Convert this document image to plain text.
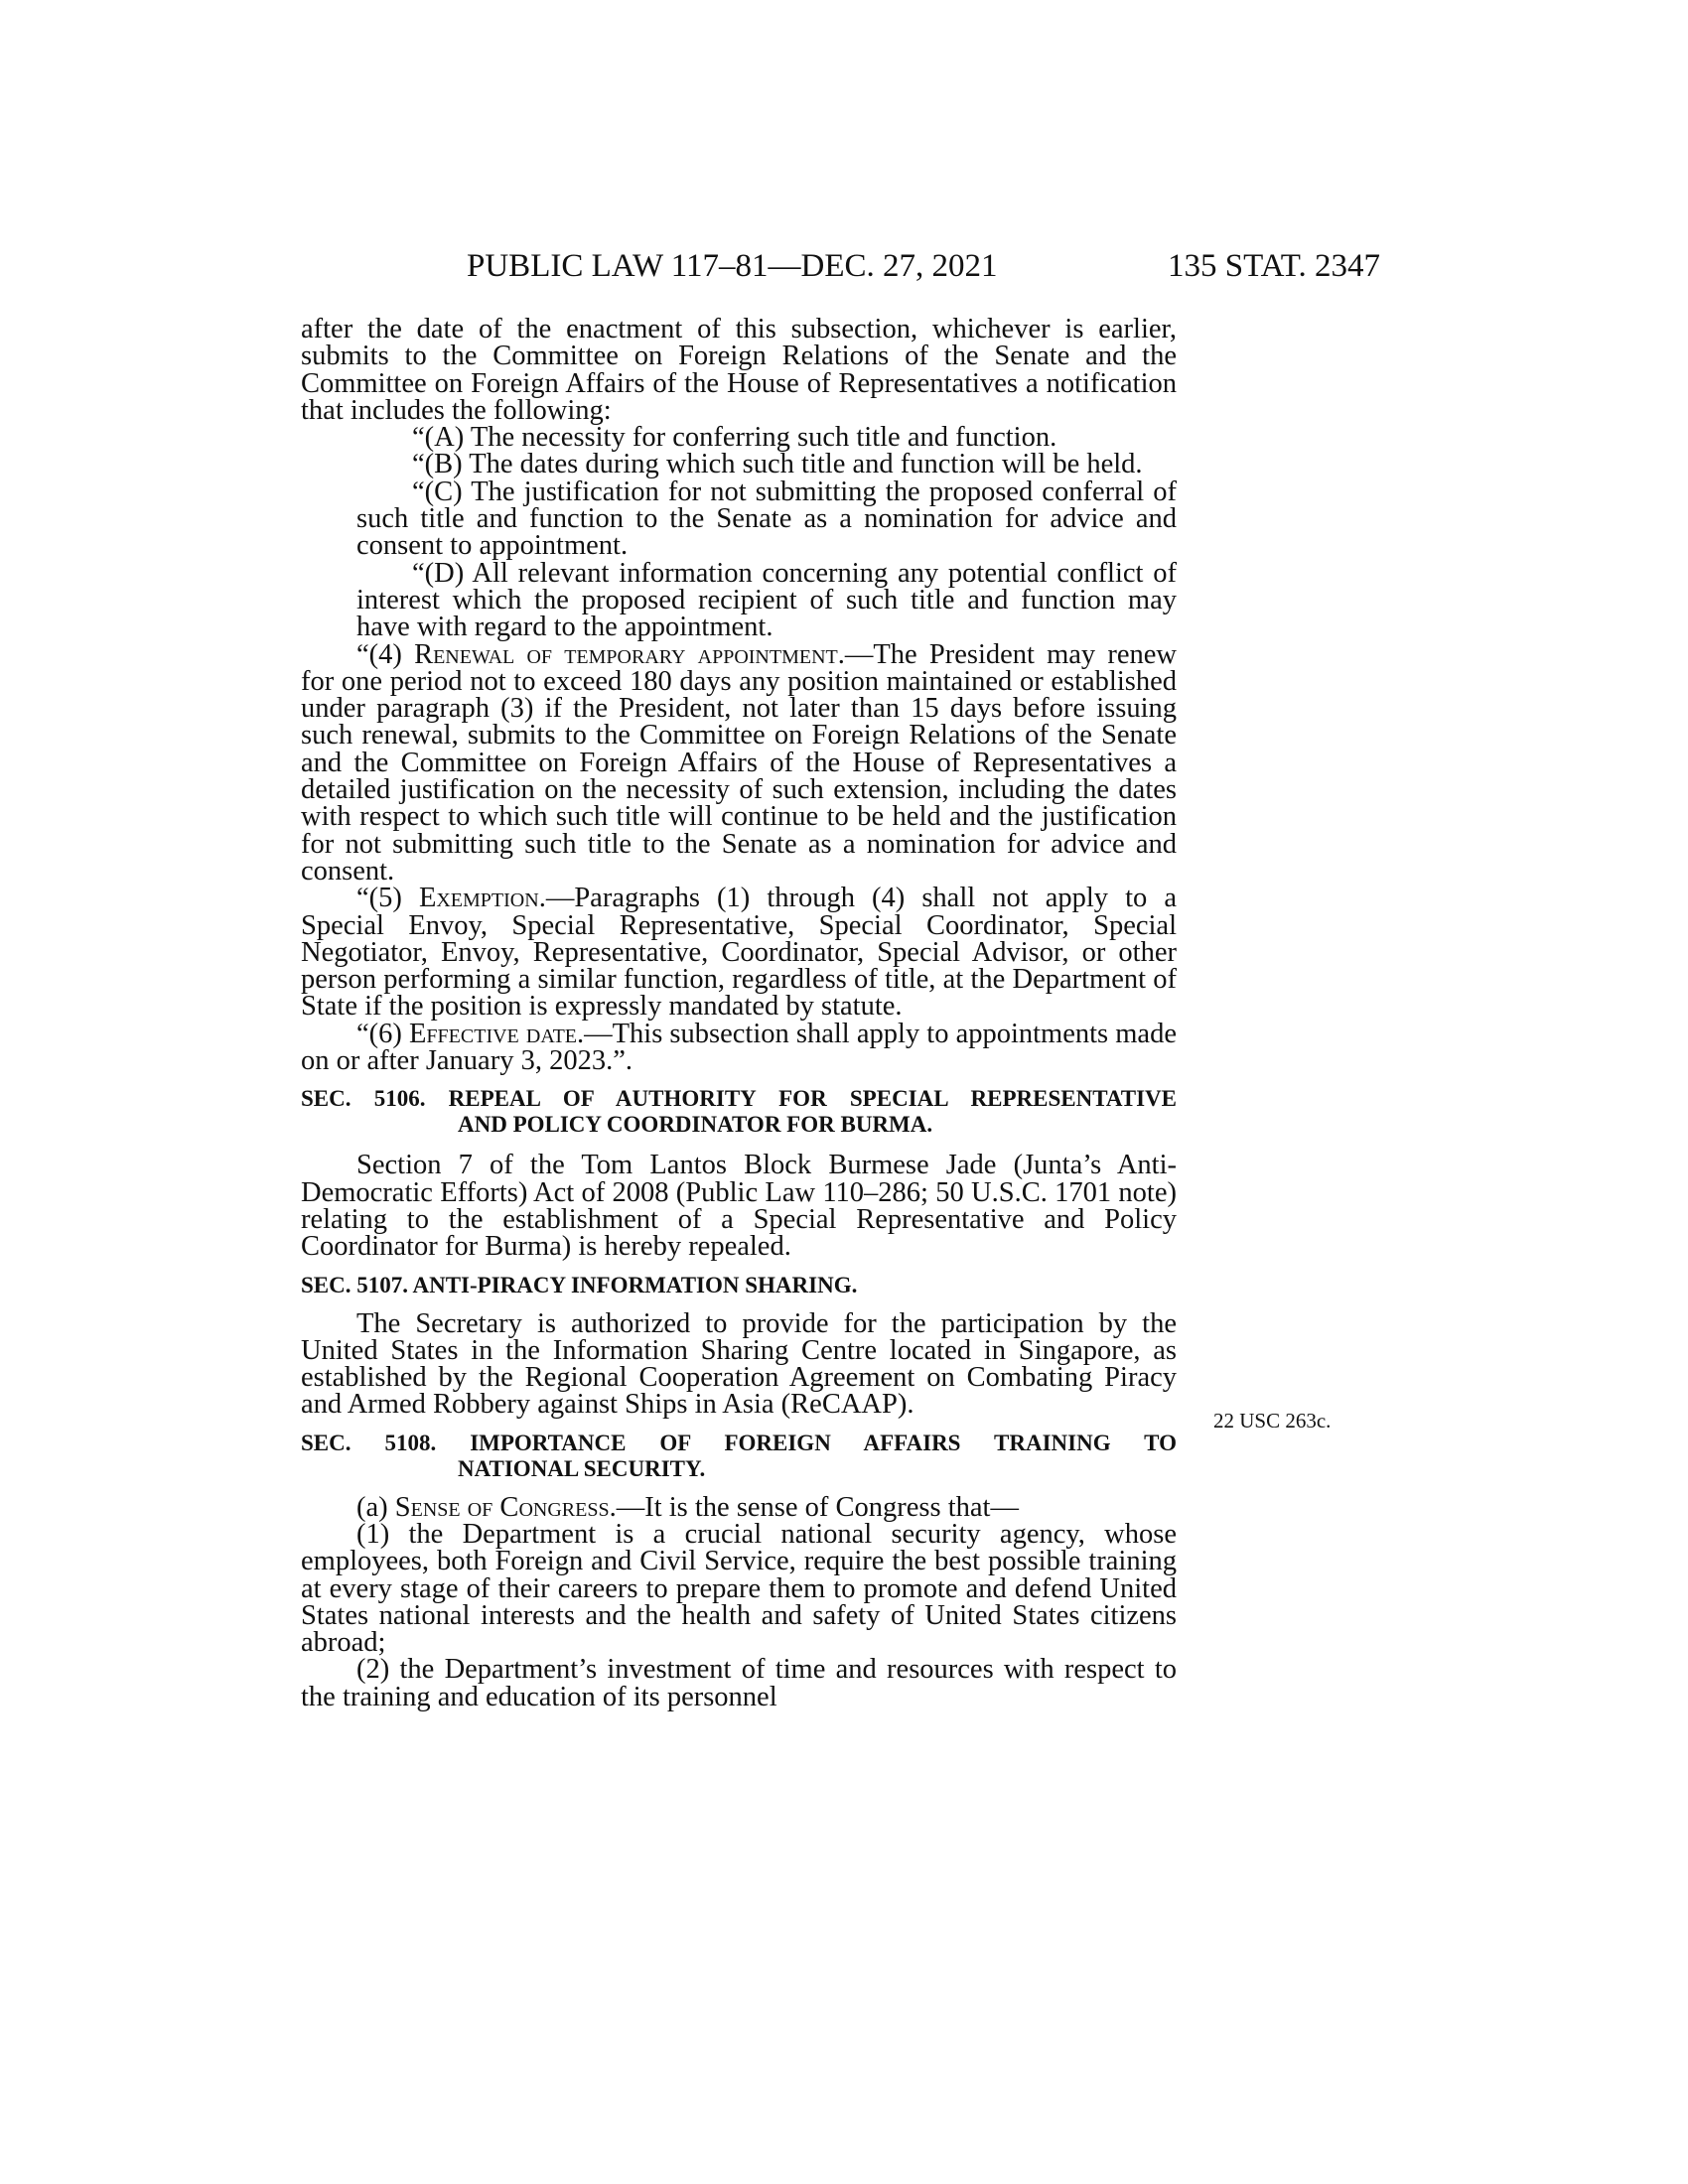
PUBLIC LAW 117–81—DEC. 27, 2021	135 STAT. 2347
22 USC 263c.

after the date of the enactment of this subsection, whichever is earlier, submits to the Committee on Foreign Relations of the Senate and the Committee on Foreign Affairs of the House of Representatives a notification that includes the following:

“(A) The necessity for conferring such title and function.

“(B) The dates during which such title and function will be held.

“(C) The justification for not submitting the proposed conferral of such title and function to the Senate as a nomination for advice and consent to appointment.

“(D) All relevant information concerning any potential conflict of interest which the proposed recipient of such title and function may have with regard to the appointment.

“(4) Renewal of temporary appointment.—The President may renew for one period not to exceed 180 days any position maintained or established under paragraph (3) if the President, not later than 15 days before issuing such renewal, submits to the Committee on Foreign Relations of the Senate and the Committee on Foreign Affairs of the House of Representatives a detailed justification on the necessity of such extension, including the dates with respect to which such title will continue to be held and the justification for not submitting such title to the Senate as a nomination for advice and consent.

“(5) Exemption.—Paragraphs (1) through (4) shall not apply to a Special Envoy, Special Representative, Special Coordinator, Special Negotiator, Envoy, Representative, Coordinator, Special Advisor, or other person performing a similar function, regardless of title, at the Department of State if the position is expressly mandated by statute.

“(6) Effective date.—This subsection shall apply to appointments made on or after January 3, 2023.”.

SEC. 5106. REPEAL OF AUTHORITY FOR SPECIAL REPRESENTATIVE
AND POLICY COORDINATOR FOR BURMA.

Section 7 of the Tom Lantos Block Burmese Jade (Junta’s Anti-Democratic Efforts) Act of 2008 (Public Law 110–286; 50 U.S.C. 1701 note) relating to the establishment of a Special Representative and Policy Coordinator for Burma) is hereby repealed.

SEC. 5107. ANTI-PIRACY INFORMATION SHARING.

The Secretary is authorized to provide for the participation by the United States in the Information Sharing Centre located in Singapore, as established by the Regional Cooperation Agreement on Combating Piracy and Armed Robbery against Ships in Asia (ReCAAP).

SEC. 5108. IMPORTANCE OF FOREIGN AFFAIRS TRAINING TO
NATIONAL SECURITY.

(a) Sense of Congress.—It is the sense of Congress that—

(1) the Department is a crucial national security agency, whose employees, both Foreign and Civil Service, require the best possible training at every stage of their careers to prepare them to promote and defend United States national interests and the health and safety of United States citizens abroad;

(2) the Department’s investment of time and resources with respect to the training and education of its personnel
